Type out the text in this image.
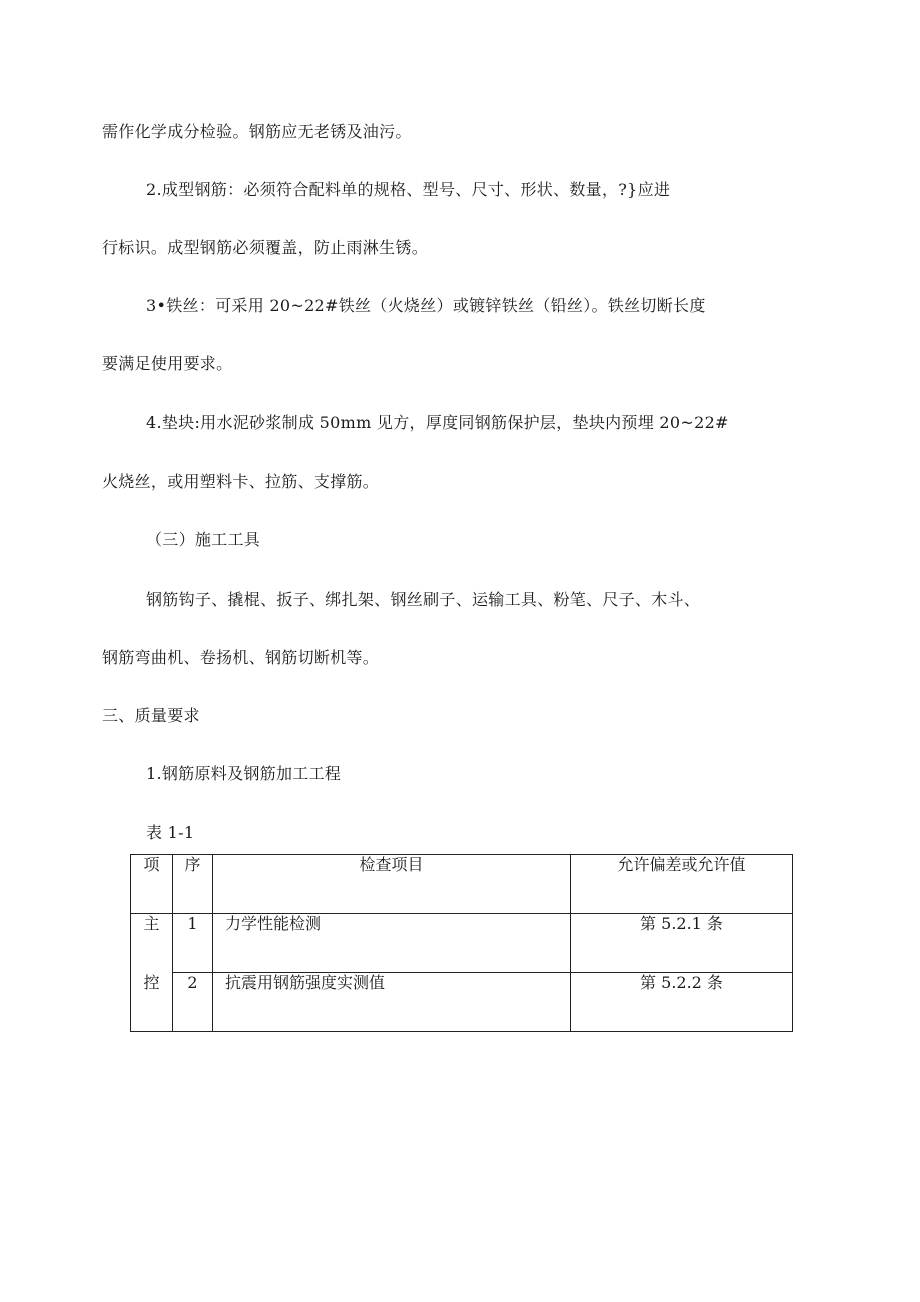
需作化学成分检验。钢筋应无老锈及油污。
2.成型钢筋：必须符合配料单的规格、型号、尺寸、形状、数量，?}应进
行标识。成型钢筋必须覆盖，防止雨淋生锈。
3•铁丝：可采用 20~22#铁丝（火烧丝）或镀锌铁丝（铅丝）。铁丝切断长度
要满足使用要求。
4.垫块:用水泥砂浆制成 50mm 见方，厚度同钢筋保护层，垫块内预埋 20~22#
火烧丝，或用塑料卡、拉筋、支撑筋。
（三）施工工具
钢筋钩子、撬棍、扳子、绑扎架、钢丝刷子、运输工具、粉笔、尺子、木斗、
钢筋弯曲机、卷扬机、钢筋切断机等。
三、质量要求
1.钢筋原料及钢筋加工工程
表 1-1
项	序	检查项目	允许偏差或允许值
主	1	力学性能检测	第 5.2.1 条
控	2	抗震用钢筋强度实测值	第 5.2.2 条
